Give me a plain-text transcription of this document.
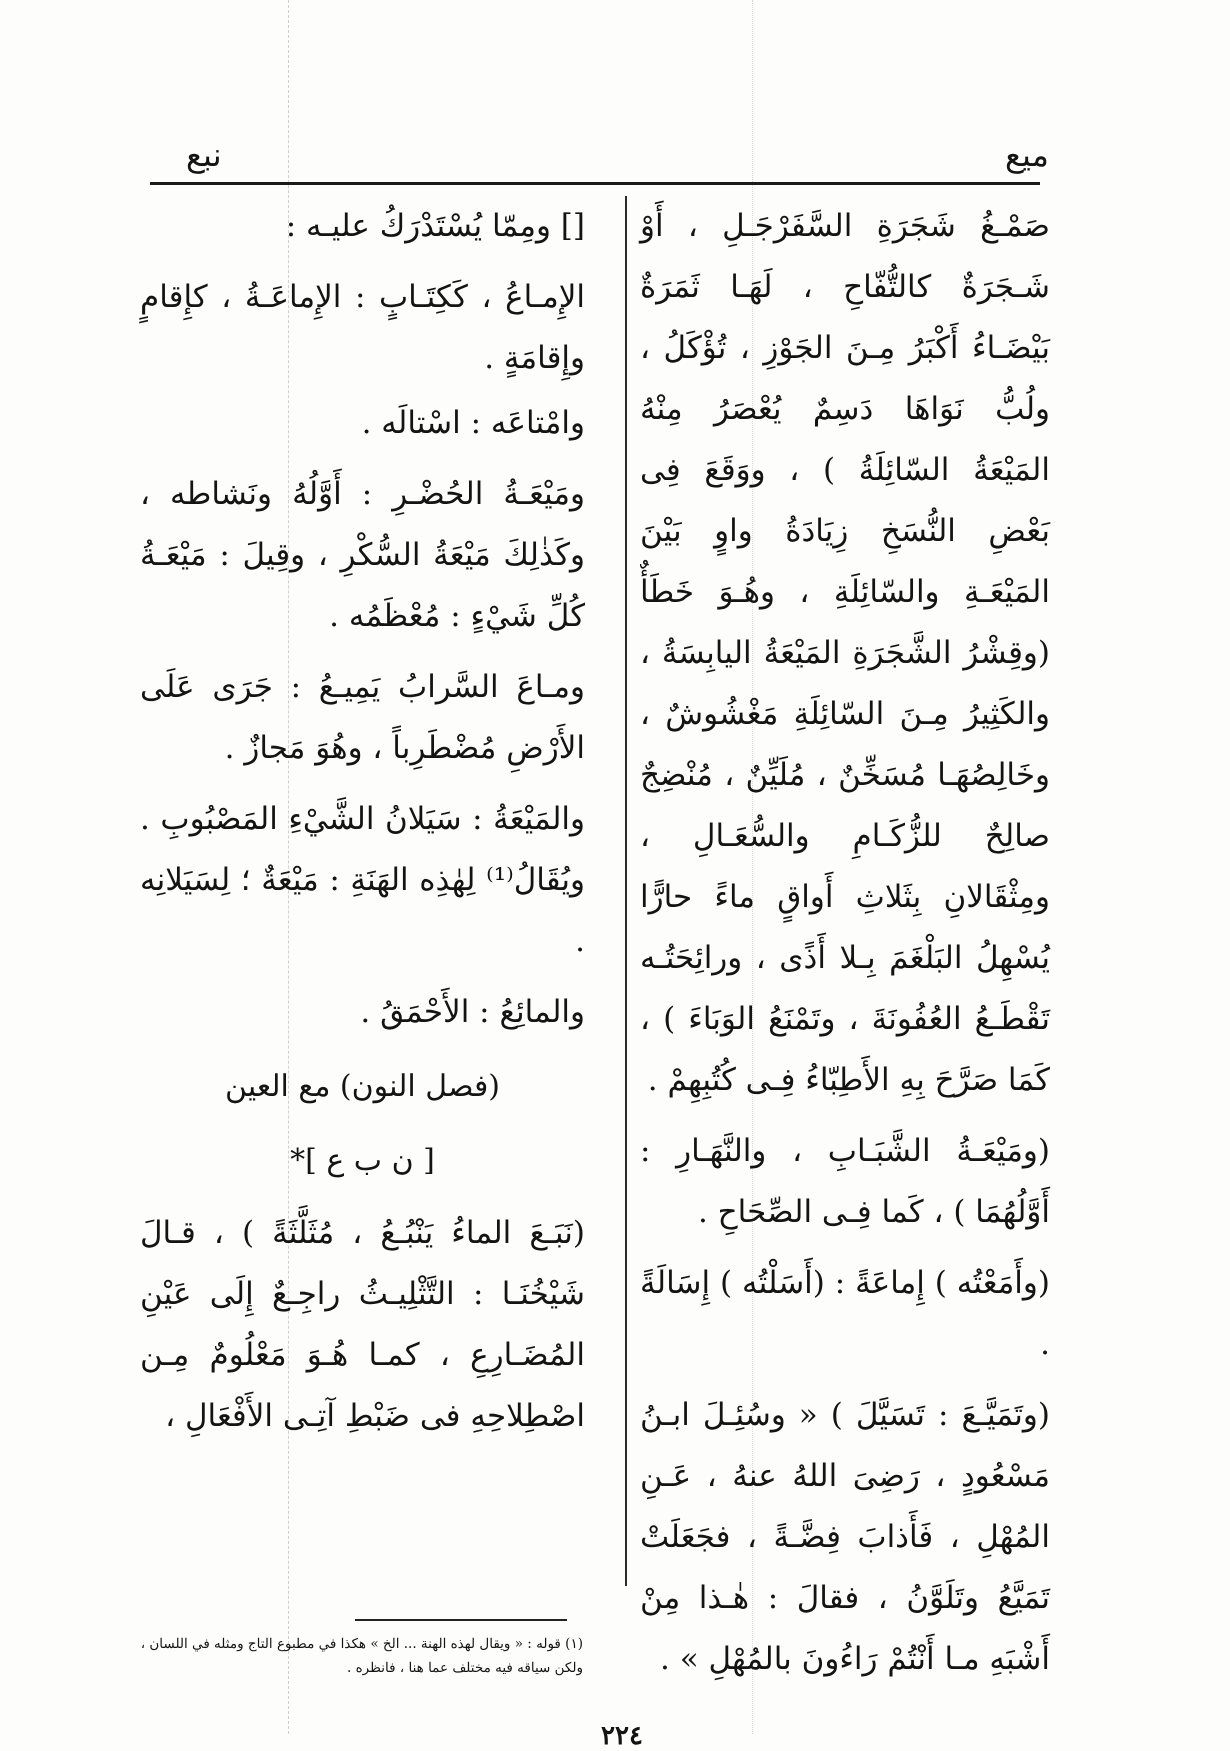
نبع	ميع

صَمْـغُ شَجَرَةِ السَّفَرْجَـلِ ، أَوْ شَـجَرَةٌ كالتُّفّاحِ ، لَهَـا ثَمَرَةٌ بَيْضَـاءُ أَكْبَرُ مِـنَ الجَوْزِ ، تُؤْكَلُ ، ولُبُّ نَوَاهَا دَسِمٌ يُعْصَرُ مِنْهُ المَيْعَةُ السّائِلَةُ ) ، ووَقَعَ فِى بَعْضِ النُّسَخِ زِيَادَةُ واوٍ بَيْنَ المَيْعَـةِ والسّائِلَةِ ، وهُـوَ خَطَأٌ (وقِشْرُ الشَّجَرَةِ المَيْعَةُ اليابِسَةُ ، والكَثِيرُ مِـنَ السّائِلَةِ مَغْشُوشٌ ، وخَالِصُهَـا مُسَخِّنٌ ، مُلَيِّنٌ ، مُنْضِجٌ صالِحٌ للزُّكَـامِ والسُّعَـالِ ، ومِثْقَالانِ بِثَلاثِ أَواقٍ ماءً حارًّا يُسْهِلُ البَلْغَمَ بِـلا أَذًى ، ورائِحَتُـه تَقْطَـعُ العُفُونَةَ ، وتَمْنَعُ الوَبَاءَ ) ، كَمَا صَرَّحَ بِهِ الأَطِبّاءُ فِـى كُتُبِهِمْ .

(ومَيْعَـةُ الشَّبَـابِ ، والنَّهَـارِ : أَوَّلُهُمَا ) ، كَما فِـى الصِّحَاحِ .

(وأَمَعْتُه ) إِماعَةً : (أَسَلْتُه ) إِسَالَةً .

(وتَمَيَّـعَ : تَسَيَّلَ ) « وسُئِـلَ ابـنُ مَسْعُودٍ ، رَضِىَ اللهُ عنهُ ، عَـنِ المُهْلِ ، فَأَذابَ فِضَّـةً ، فجَعَلَتْ تَمَيَّعُ وتَلَوَّنُ ، فقالَ : هٰـذا مِنْ أَشْبَهِ مـا أَنْتُمْ رَاءُونَ بالمُهْلِ » .

[] ومِمّا يُسْتَدْرَكُ عليـه :

الإِمـاعُ ، كَكِتَـابٍ : الإِماعَـةُ ، كإِقامٍ وإِقامَةٍ .

وامْتاعَه : اسْتالَه .

ومَيْعَـةُ الحُضْـرِ : أَوَّلُهُ ونَشاطه ، وكَذٰلِكَ مَيْعَةُ السُّكْرِ ، وقِيلَ : مَيْعَـةُ كُلِّ شَيْءٍ : مُعْظَمُه .

ومـاعَ السَّرابُ يَمِيـعُ : جَرَى عَلَى الأَرْضِ مُضْطَرِباً ، وهُوَ مَجازٌ .

والمَيْعَةُ : سَيَلانُ الشَّيْءِ المَصْبُوبِ . ويُقَالُ⁽¹⁾ لِهٰذِه الهَنَةِ : مَيْعَةٌ ؛ لِسَيَلانِه .

والمائِعُ : الأَحْمَقُ .

(فصل النون) مع العين
[ ن ب ع ]*

(نَبَـعَ الماءُ يَنْبُـعُ ، مُثَلَّثَةً ) ، قـالَ شَيْخُنَـا : التَّثْلِيـثُ راجِـعٌ إِلَى عَيْنِ المُضَـارِعِ ، كمـا هُـوَ مَعْلُومٌ مِـن اصْطِلاحِهِ فى ضَبْطِ آتِـى الأَفْعَالِ ،

(١) قوله : « ويقال لهذه الهنة ... الخ » هكذا في مطبوع التاج ومثله في اللسان ، ولكن سياقه فيه مختلف عما هنا ، فانظره .
٢٢٤
